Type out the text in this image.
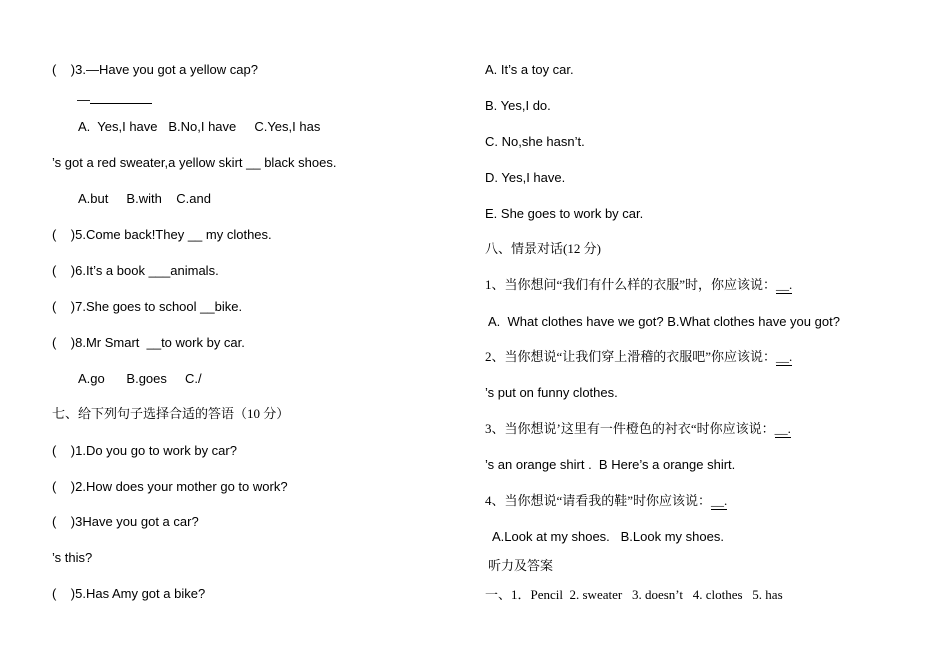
(    )3.—Have you got a yellow cap?
—
A.  Yes,I have   B.No,I have     C.Yes,I has
’s got a red sweater,a yellow skirt __ black shoes.
A.but     B.with    C.and
(    )5.Come back!They __ my clothes.
(    )6.It’s a book ___animals.
(    )7.She goes to school __bike.
(    )8.Mr Smart  __to work by car.
A.go      B.goes     C./
七、给下列句子选择合适的答语（10 分）
(    )1.Do you go to work by car?
(    )2.How does your mother go to work?
(    )3Have you got a car?
’s this?
(    )5.Has Amy got a bike?
A. It’s a toy car.
B. Yes,I do.
C. No,she hasn’t.
D. Yes,I have.
E. She goes to work by car.
八、情景对话(12 分)
1、当你想问“我们有什么样的衣服”时，你应该说：__.
A.  What clothes have we got? B.What clothes have you got?
2、当你想说“让我们穿上滑稽的衣服吧”你应该说：__.
’s put on funny clothes.
3、当你想说’这里有一件橙色的衬衣“时你应该说：__.
’s an orange shirt .  B Here’s a orange shirt.
4、当你想说“请看我的鞋”时你应该说：__.
A.Look at my shoes.   B.Look my shoes.
听力及答案
一、1．Pencil  2. sweater   3. doesn’t   4. clothes   5. has
